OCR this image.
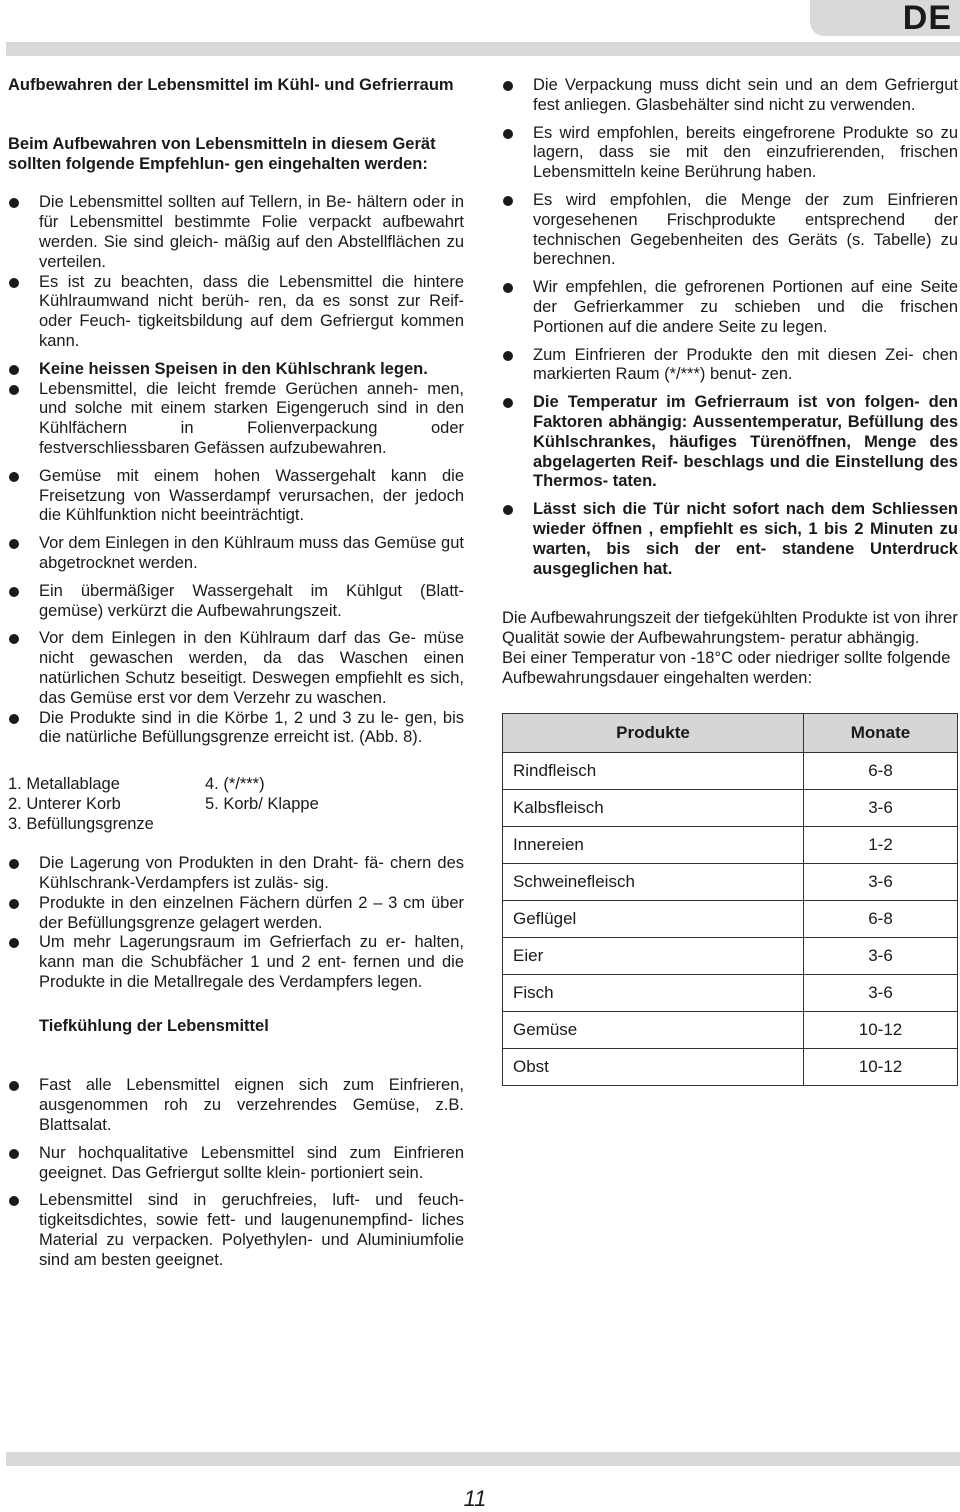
DE

Aufbewahren der Lebensmittel im Kühl- und Gefrierraum

Beim Aufbewahren von Lebensmitteln in diesem Gerät sollten folgende Empfehlun- gen eingehalten werden:

Die Lebensmittel sollten auf Tellern, in Be- hältern oder in für Lebensmittel bestimmte Folie verpackt aufbewahrt werden. Sie sind gleich- mäßig auf den Abstellflächen zu verteilen.
Es ist zu beachten, dass die Lebensmittel die hintere Kühlraumwand nicht berüh- ren, da es sonst zur Reif- oder Feuch- tigkeitsbildung auf dem Gefriergut kommen kann.
Keine heissen Speisen in den Kühlschrank legen.
Lebensmittel, die leicht fremde Gerüchen anneh- men, und solche mit einem starken Eigengeruch sind in den Kühlfächern in Folienverpackung oder festverschliessbaren Gefässen aufzubewahren.
Gemüse mit einem hohen Wassergehalt kann die Freisetzung von Wasserdampf verursachen, der jedoch die Kühlfunktion nicht beeinträchtigt.
Vor dem Einlegen in den Kühlraum muss das Gemüse gut abgetrocknet werden.
Ein übermäßiger Wassergehalt im Kühlgut (Blatt- gemüse) verkürzt die Aufbewahrungszeit.
Vor dem Einlegen in den Kühlraum darf das Ge- müse nicht gewaschen werden, da das Waschen einen natürlichen Schutz beseitigt. Deswegen empfiehlt es sich, das Gemüse erst vor dem Verzehr zu waschen.
Die Produkte sind in die Körbe 1, 2 und 3 zu le- gen, bis die natürliche Befüllungsgrenze erreicht ist. (Abb. 8).
1. Metallablage	4. (*/***)
2. Unterer Korb	5. Korb/ Klappe
3. Befüllungsgrenze
Die Lagerung von Produkten in den Draht- fä- chern des Kühlschrank-Verdampfers ist zuläs- sig.
Produkte in den einzelnen Fächern dürfen 2 – 3 cm über der Befüllungsgrenze gelagert werden.
Um mehr Lagerungsraum im Gefrierfach zu er- halten, kann man die Schubfächer 1 und 2 ent- fernen und die Produkte in die Metallregale des Verdampfers legen.

Tiefkühlung der Lebensmittel

Fast alle Lebensmittel eignen sich zum Einfrieren, ausgenommen roh zu verzehrendes Gemüse, z.B. Blattsalat.
Nur hochqualitative Lebensmittel sind zum Einfrieren geeignet. Das Gefriergut sollte klein- portioniert sein.
Lebensmittel sind in geruchfreies, luft- und feuch- tigkeitsdichtes, sowie fett- und laugenunempfind- liches Material zu verpacken. Polyethylen- und Aluminiumfolie sind am besten geeignet.
Die Verpackung muss dicht sein und an dem Gefriergut fest anliegen. Glasbehälter sind nicht zu verwenden.
Es wird empfohlen, bereits eingefrorene Produkte so zu lagern, dass sie mit den einzufrierenden, frischen Lebensmitteln keine Berührung haben.
Es wird empfohlen, die Menge der zum Einfrieren vorgesehenen Frischprodukte entsprechend der technischen Gegebenheiten des Geräts (s. Tabelle) zu berechnen.
Wir empfehlen, die gefrorenen Portionen auf eine Seite der Gefrierkammer zu schieben und die frischen Portionen auf die andere Seite zu legen.
Zum Einfrieren der Produkte den mit diesen Zei- chen markierten Raum (*/***) benut- zen.
Die Temperatur im Gefrierraum ist von folgen- den Faktoren abhängig: Aussentemperatur, Befüllung des Kühlschrankes, häufiges Türenöffnen, Menge des abgelagerten Reif- beschlags und die Einstellung des Thermos- taten.
Lässt sich die Tür nicht sofort nach dem Schliessen wieder öffnen , empfiehlt es sich, 1 bis 2 Minuten zu warten, bis sich der ent- standene Unterdruck ausgeglichen hat.

Die Aufbewahrungszeit der tiefgekühlten Produkte ist von ihrer Qualität sowie der Aufbewahrungstem- peratur abhängig.

Bei einer Temperatur von -18°C oder niedriger sollte folgende Aufbewahrungsdauer eingehalten werden:

Produkte	Monate
Rindfleisch	6-8
Kalbsfleisch	3-6
Innereien	1-2
Schweinefleisch	3-6
Geflügel	6-8
Eier	3-6
Fisch	3-6
Gemüse	10-12
Obst	10-12
11
